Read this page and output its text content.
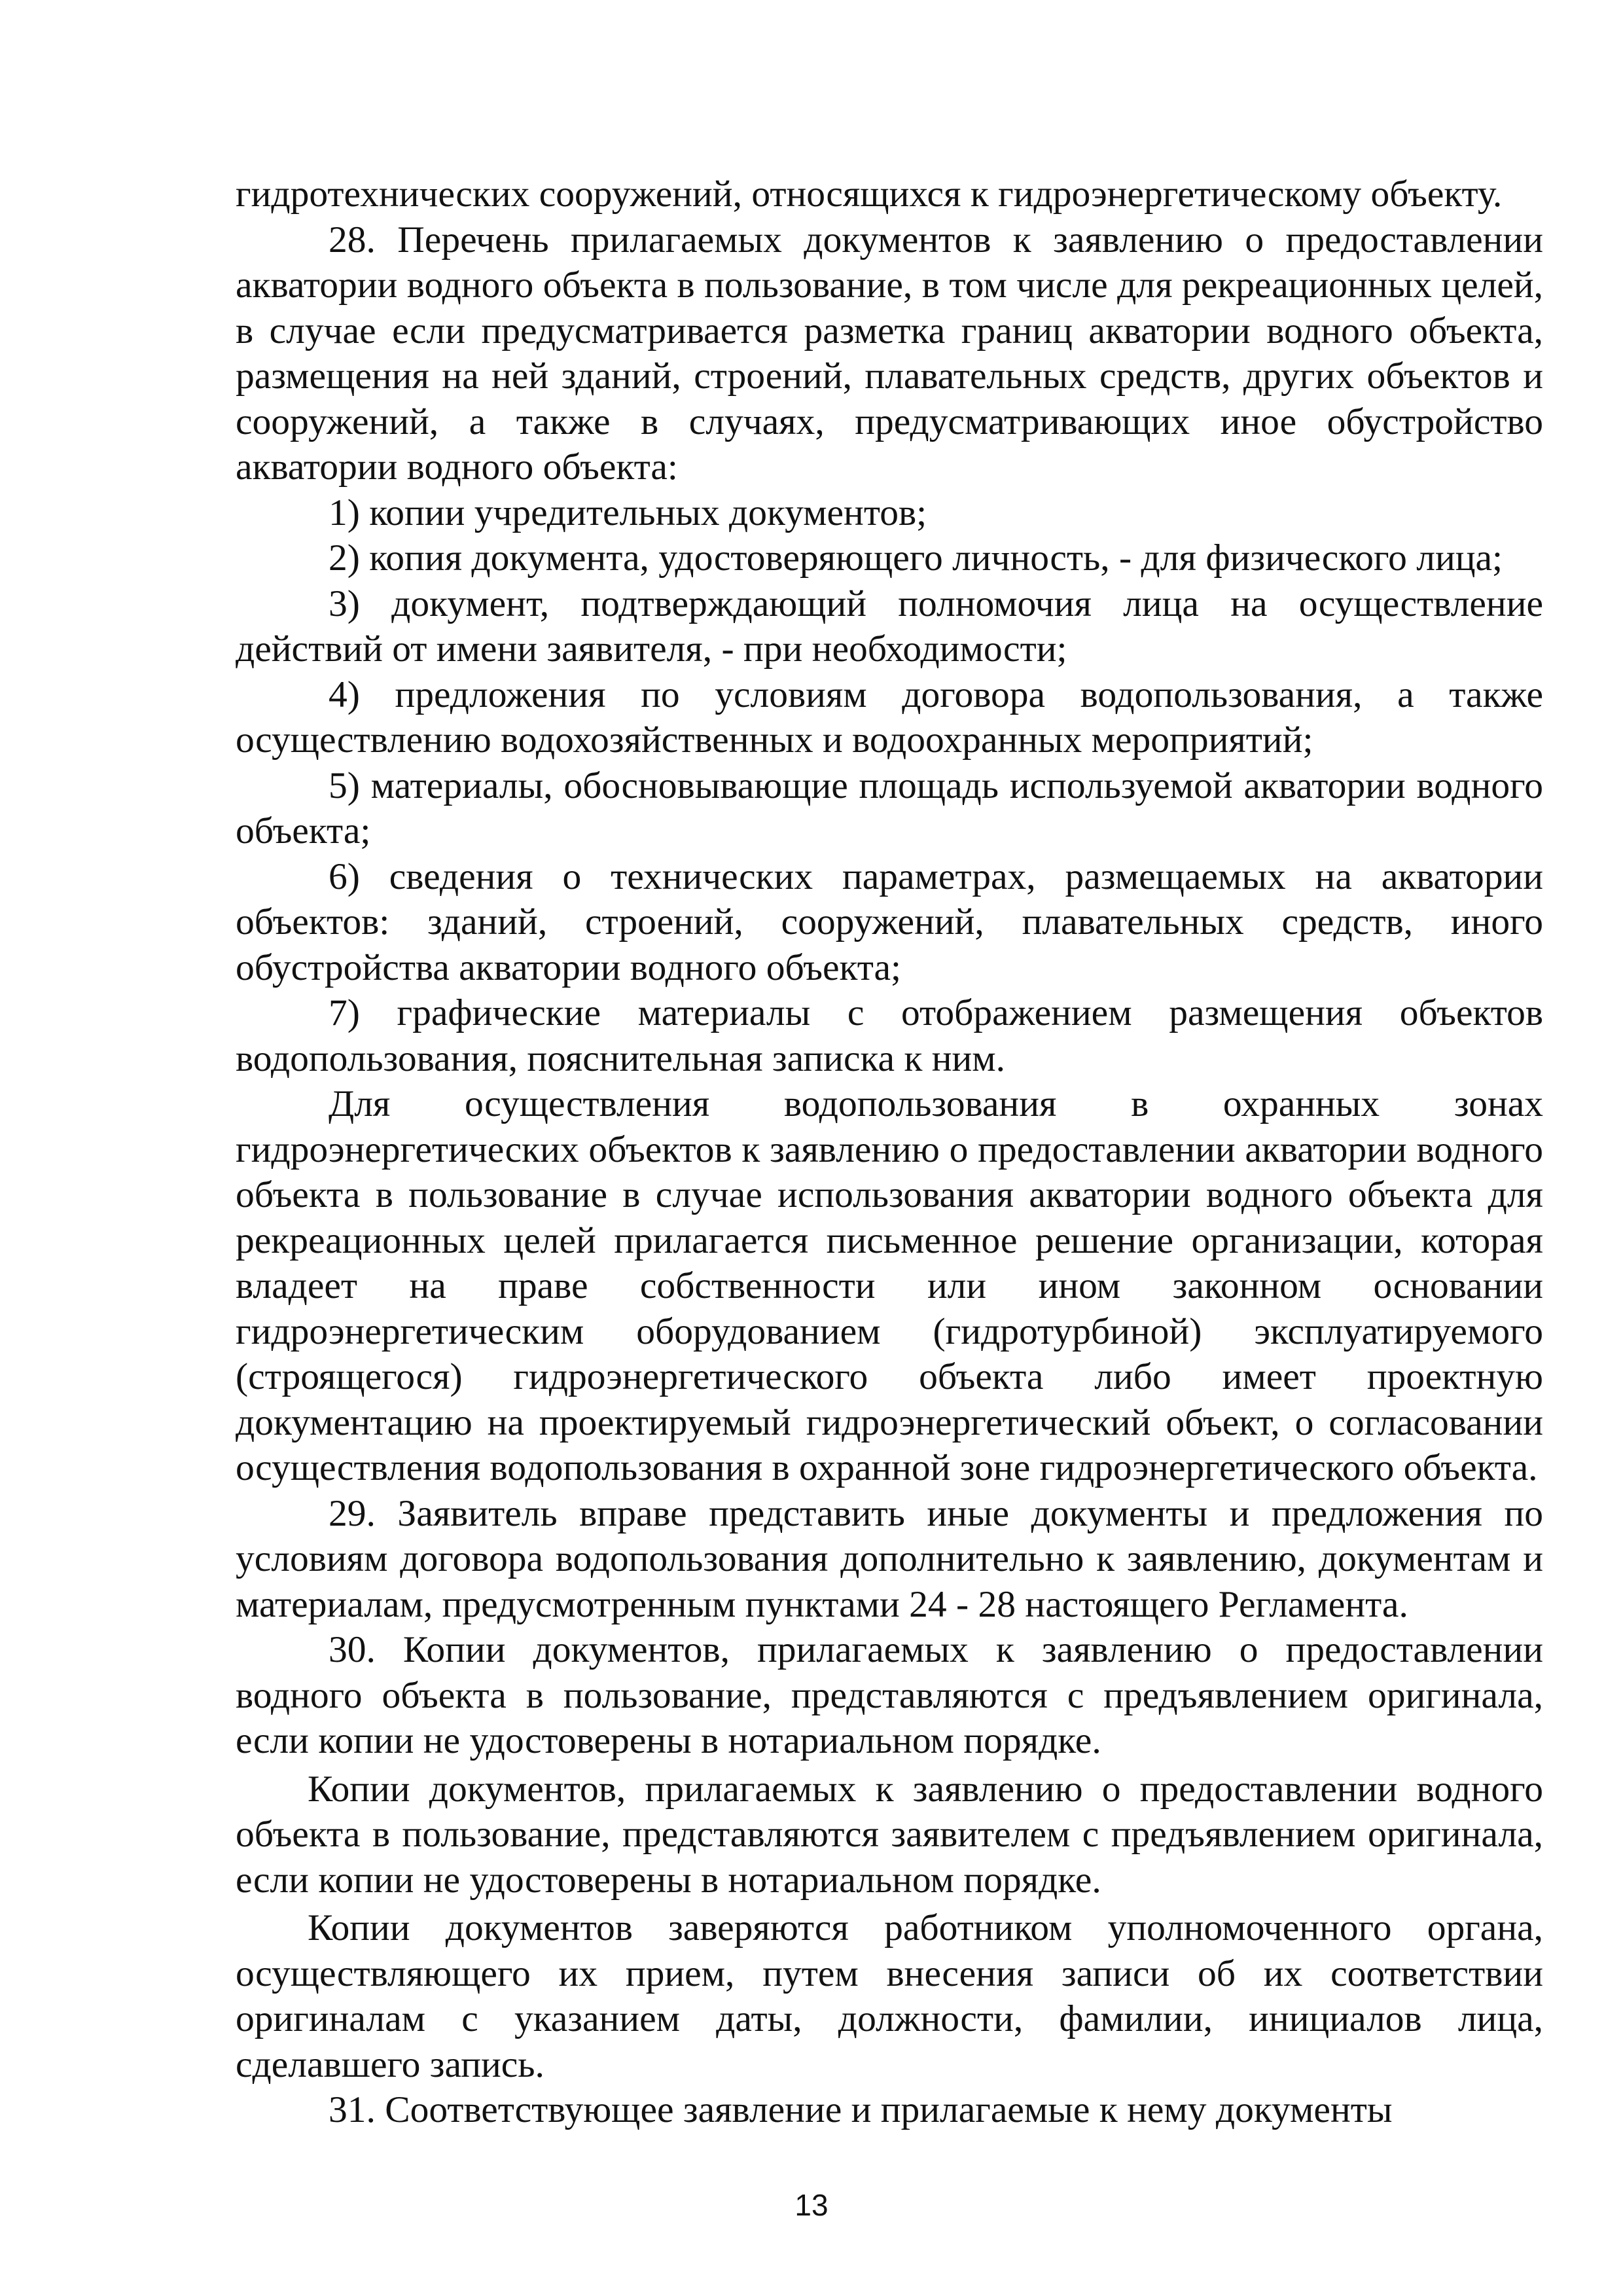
гидротехнических сооружений, относящихся к гидроэнергетическому объекту.

28. Перечень прилагаемых документов к заявлению о предоставлении акватории водного объекта в пользование, в том числе для рекреационных целей, в случае если предусматривается разметка границ акватории водного объекта, размещения на ней зданий, строений, плавательных средств, других объектов и сооружений, а также в случаях, предусматривающих иное обустройство акватории водного объекта:

1) копии учредительных документов;

2) копия документа, удостоверяющего личность, - для физического лица;

3) документ, подтверждающий полномочия лица на осуществление действий от имени заявителя, - при необходимости;

4) предложения по условиям договора водопользования, а также осуществлению водохозяйственных и водоохранных мероприятий;

5) материалы, обосновывающие площадь используемой акватории водного объекта;

6) сведения о технических параметрах, размещаемых на акватории объектов: зданий, строений, сооружений, плавательных средств, иного обустройства акватории водного объекта;

7) графические материалы с отображением размещения объектов водопользования, пояснительная записка к ним.

Для осуществления водопользования в охранных зонах гидроэнергетических объектов к заявлению о предоставлении акватории водного объекта в пользование в случае использования акватории водного объекта для рекреационных целей прилагается письменное решение организации, которая владеет на праве собственности или ином законном основании гидроэнергетическим оборудованием (гидротурбиной) эксплуатируемого (строящегося) гидроэнергетического объекта либо имеет проектную документацию на проектируемый гидроэнергетический объект, о согласовании осуществления водопользования в охранной зоне гидроэнергетического объекта.

29. Заявитель вправе представить иные документы и предложения по условиям договора водопользования дополнительно к заявлению, документам и материалам, предусмотренным пунктами 24 - 28 настоящего Регламента.

30. Копии документов, прилагаемых к заявлению о предоставлении водного объекта в пользование, представляются с предъявлением оригинала, если копии не удостоверены в нотариальном порядке.

Копии документов, прилагаемых к заявлению о предоставлении водного объекта в пользование, представляются заявителем с предъявлением оригинала, если копии не удостоверены в нотариальном порядке.

Копии документов заверяются работником уполномоченного органа, осуществляющего их прием, путем внесения записи об их соответствии оригиналам с указанием даты, должности, фамилии, инициалов лица, сделавшего запись.

31. Соответствующее заявление и прилагаемые к нему документы

13
